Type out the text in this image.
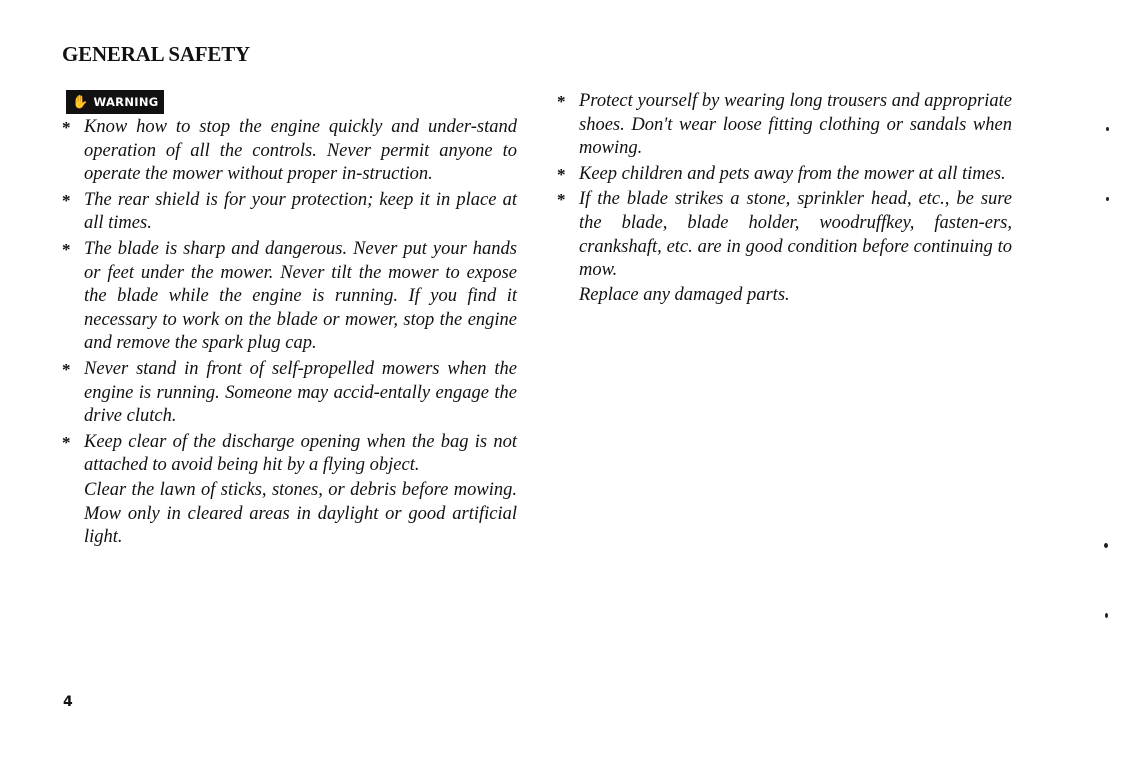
GENERAL SAFETY
✋ WARNING
* Know how to stop the engine quickly and under-stand operation of all the controls. Never permit anyone to operate the mower without proper in-struction.
* The rear shield is for your protection; keep it in place at all times.
* The blade is sharp and dangerous. Never put your hands or feet under the mower. Never tilt the mower to expose the blade while the engine is running. If you find it necessary to work on the blade or mower, stop the engine and remove the spark plug cap.
* Never stand in front of self-propelled mowers when the engine is running. Someone may accid-entally engage the drive clutch.
* Keep clear of the discharge opening when the bag is not attached to avoid being hit by a flying object.
Clear the lawn of sticks, stones, or debris before mowing. Mow only in cleared areas in daylight or good artificial light.
* Protect yourself by wearing long trousers and appropriate shoes. Don't wear loose fitting clothing or sandals when mowing.
* Keep children and pets away from the mower at all times.
* If the blade strikes a stone, sprinkler head, etc., be sure the blade, blade holder, woodruffkey, fasten-ers, crankshaft, etc. are in good condition before continuing to mow.
Replace any damaged parts.
4
